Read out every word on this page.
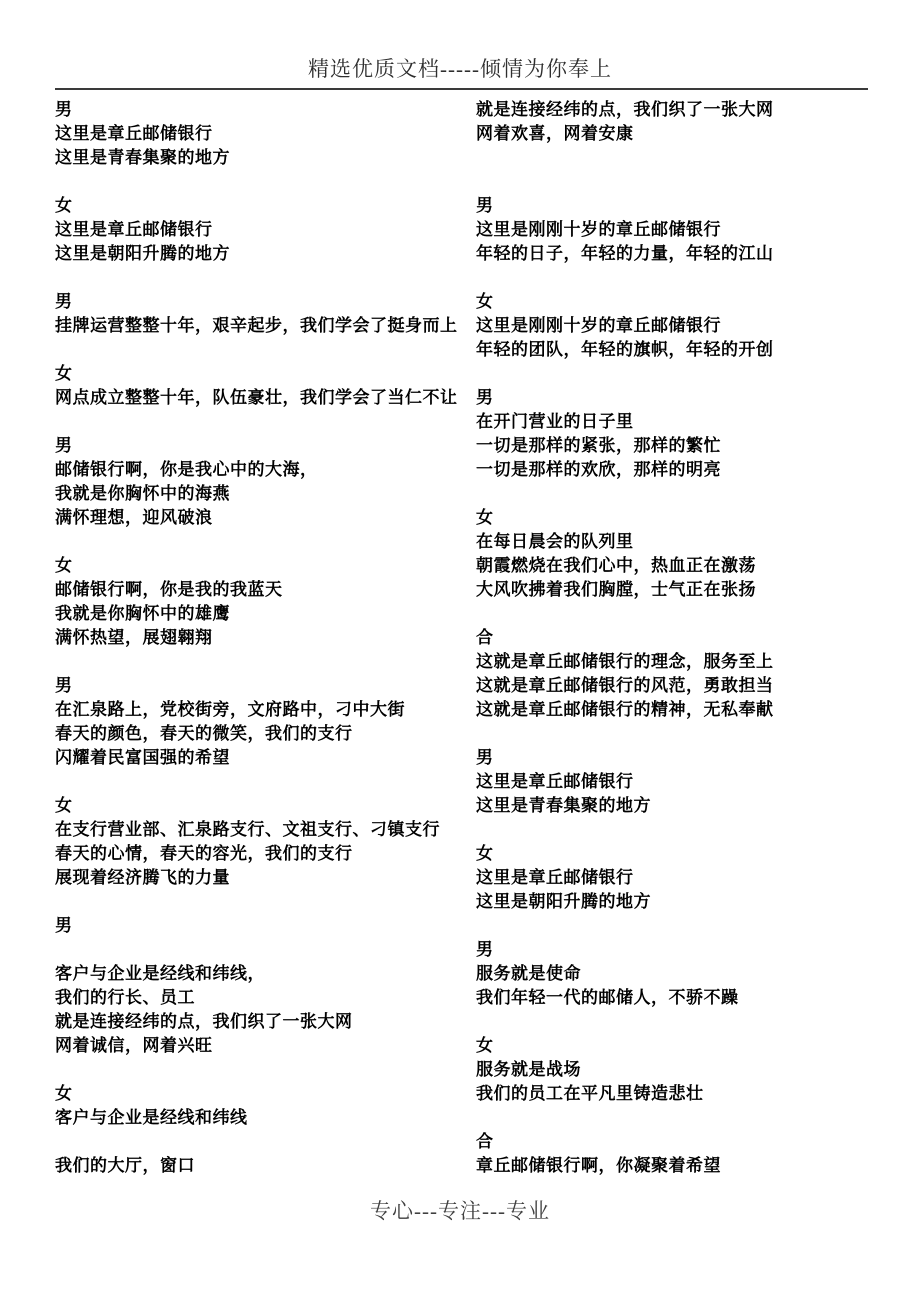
精选优质文档-----倾情为你奉上
男
这里是章丘邮储银行
这里是青春集聚的地方
女
这里是章丘邮储银行
这里是朝阳升腾的地方
男
挂牌运营整整十年，艰辛起步，我们学会了挺身而上
女
网点成立整整十年，队伍豪壮，我们学会了当仁不让
男
邮储银行啊，你是我心中的大海，
我就是你胸怀中的海燕
满怀理想，迎风破浪
女
邮储银行啊，你是我的我蓝天
我就是你胸怀中的雄鹰
满怀热望，展翅翱翔
男
在汇泉路上，党校街旁，文府路中，刁中大街
春天的颜色，春天的微笑，我们的支行
闪耀着民富国强的希望
女
在支行营业部、汇泉路支行、文祖支行、刁镇支行
春天的心情，春天的容光，我们的支行
展现着经济腾飞的力量
男
客户与企业是经线和纬线，
我们的行长、员工
就是连接经纬的点，我们织了一张大网
网着诚信，网着兴旺
女
客户与企业是经线和纬线
我们的大厅，窗口
就是连接经纬的点，我们织了一张大网
网着欢喜，网着安康
男
这里是刚刚十岁的章丘邮储银行
年轻的日子，年轻的力量，年轻的江山
女
这里是刚刚十岁的章丘邮储银行
年轻的团队，年轻的旗帜，年轻的开创
男
在开门营业的日子里
一切是那样的紧张，那样的繁忙
一切是那样的欢欣，那样的明亮
女
在每日晨会的队列里
朝霞燃烧在我们心中，热血正在激荡
大风吹拂着我们胸膛，士气正在张扬
合
这就是章丘邮储银行的理念，服务至上
这就是章丘邮储银行的风范，勇敢担当
这就是章丘邮储银行的精神，无私奉献
男
这里是章丘邮储银行
这里是青春集聚的地方
女
这里是章丘邮储银行
这里是朝阳升腾的地方
男
服务就是使命
我们年轻一代的邮储人，不骄不躁
女
服务就是战场
我们的员工在平凡里铸造悲壮
合
章丘邮储银行啊，你凝聚着希望
专心---专注---专业
